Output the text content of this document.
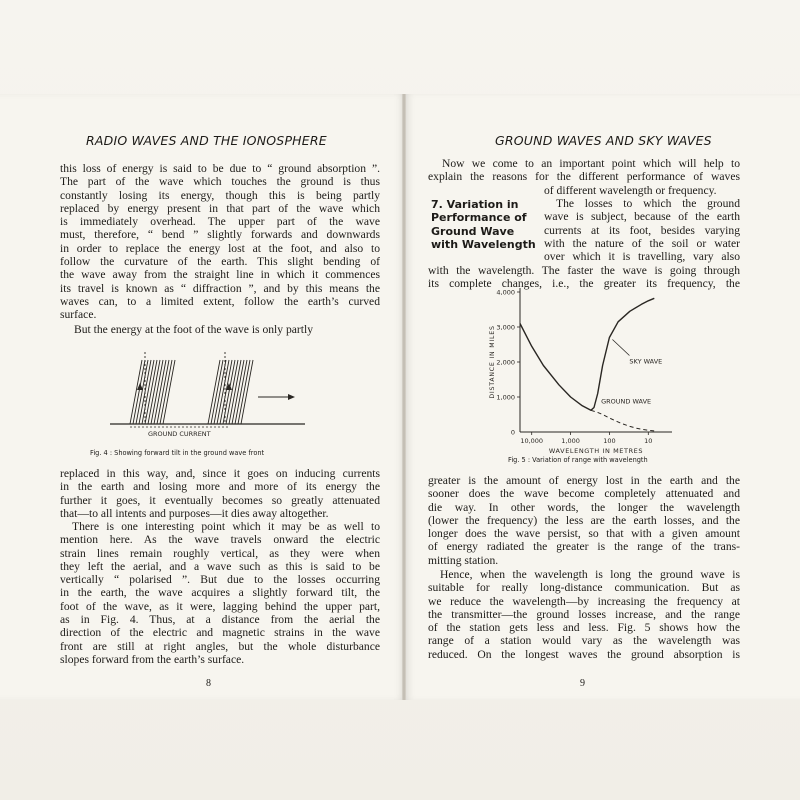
RADIO WAVES AND THE IONOSPHERE
this loss of energy is said to be due to “ ground absorption ”.
The part of the wave which touches the ground is thus
constantly losing its energy, though this is being partly
replaced by energy present in that part of the wave which
is immediately overhead. The upper part of the wave
must, therefore, “ bend ” slightly forwards and downwards
in order to replace the energy lost at the foot, and also to
follow the curvature of the earth. This slight bending of
the wave away from the straight line in which it commences
its travel is known as “ diffraction ”, and by this means the
waves can, to a limited extent, follow the earth’s curved
surface.
But the energy at the foot of the wave is only partly
GROUND CURRENT
Fig. 4 : Showing forward tilt in the ground wave front
replaced in this way, and, since it goes on inducing currents
in the earth and losing more and more of its energy the
further it goes, it eventually becomes so greatly attenuated
that—to all intents and purposes—it dies away altogether.
There is one interesting point which it may be as well to
mention here. As the wave travels onward the electric
strain lines remain roughly vertical, as they were when
they left the aerial, and a wave such as this is said to be
vertically “ polarised ”. But due to the losses occurring
in the earth, the wave acquires a slightly forward tilt, the
foot of the wave, as it were, lagging behind the upper part,
as in Fig. 4. Thus, at a distance from the aerial the
direction of the electric and magnetic strains in the wave
front are still at right angles, but the whole disturbance
slopes forward from the earth’s surface.
8
GROUND WAVES AND SKY WAVES
Now we come to an important point which will help to
explain the reasons for the different performance of waves
of different wavelength or frequency.
7. Variation in
Performance of
Ground Wave
with Wavelength
The losses to which the ground
wave is subject, because of the earth
currents at its foot, besides varying
with the nature of the soil or water
over which it is travelling, vary also
with the wavelength. The faster the wave is going through
its complete changes, i.e., the greater its frequency, the
1,000
2,000
3,000
4,000
0
10,000	1,000	100	10
WAVELENGTH IN METRES
DISTANCE IN MILES	SKY WAVE
GROUND WAVE
Fig. 5 : Variation of range with wavelength
greater is the amount of energy lost in the earth and the
sooner does the wave become completely attenuated and
die way. In other words, the longer the wavelength
(lower the frequency) the less are the earth losses, and the
longer does the wave persist, so that with a given amount
of energy radiated the greater is the range of the trans-
mitting station.
Hence, when the wavelength is long the ground wave is
suitable for really long-distance communication. But as
we reduce the wavelength—by increasing the frequency at
the transmitter—the ground losses increase, and the range
of the station gets less and less. Fig. 5 shows how the
range of a station would vary as the wavelength was
reduced. On the longest waves the ground absorption is
9
